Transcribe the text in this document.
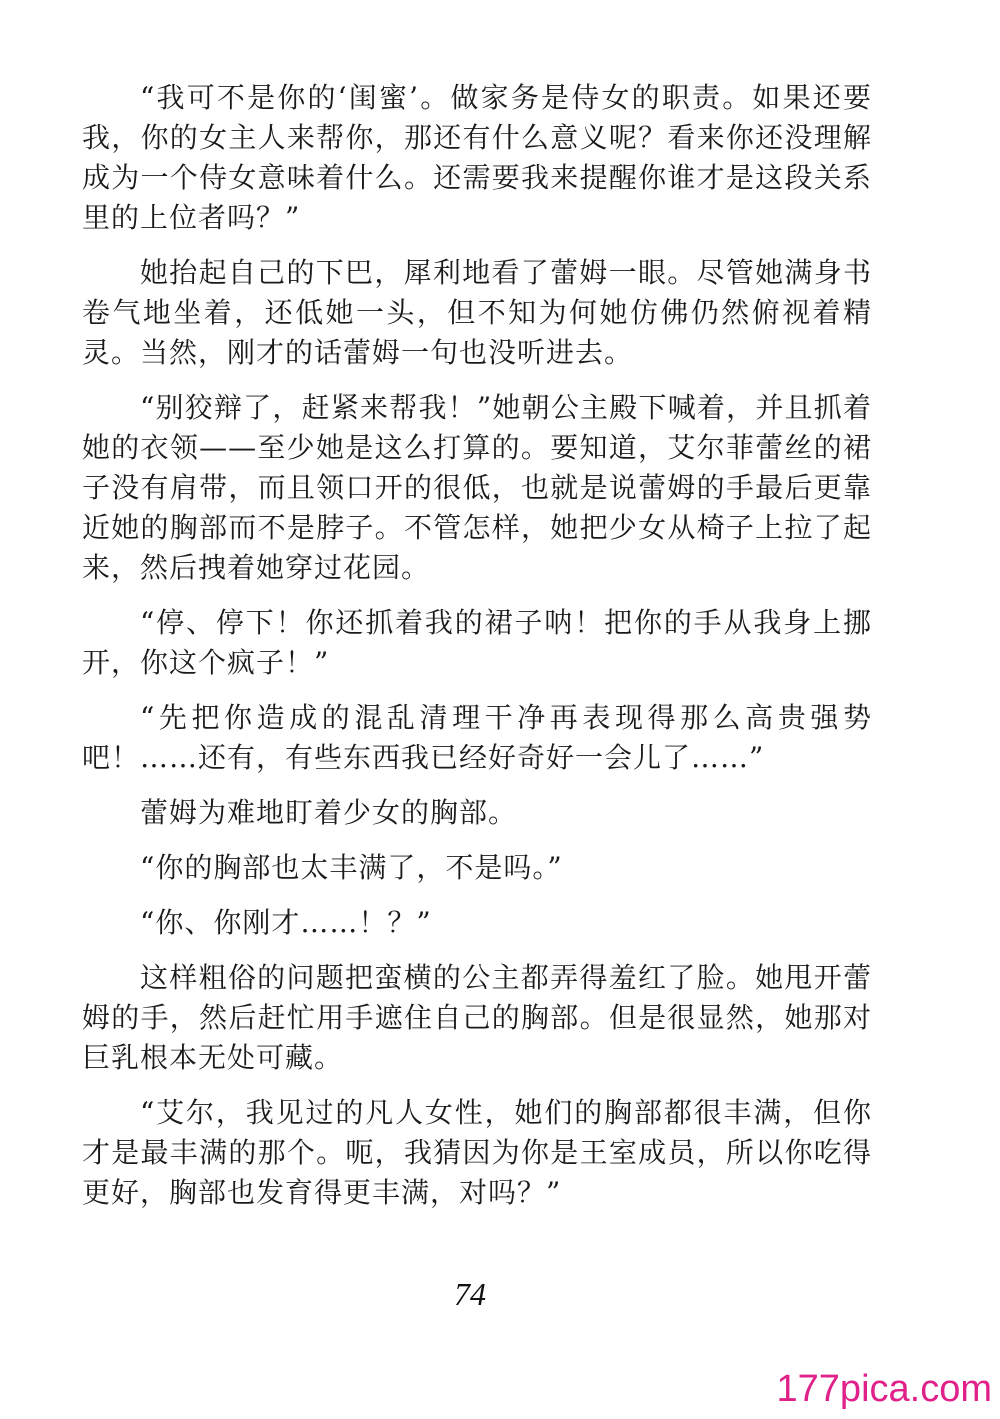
“我可不是你的‘闺蜜’。做家务是侍女的职责。如果还要我，你的女主人来帮你，那还有什么意义呢？看来你还没理解成为一个侍女意味着什么。还需要我来提醒你谁才是这段关系里的上位者吗？”

她抬起自己的下巴，犀利地看了蕾姆一眼。尽管她满身书卷气地坐着，还低她一头，但不知为何她仿佛仍然俯视着精灵。当然，刚才的话蕾姆一句也没听进去。

“别狡辩了，赶紧来帮我！”她朝公主殿下喊着，并且抓着她的衣领——至少她是这么打算的。要知道，艾尔菲蕾丝的裙子没有肩带，而且领口开的很低，也就是说蕾姆的手最后更靠近她的胸部而不是脖子。不管怎样，她把少女从椅子上拉了起来，然后拽着她穿过花园。

“停、停下！你还抓着我的裙子呐！把你的手从我身上挪开，你这个疯子！”

“先把你造成的混乱清理干净再表现得那么高贵强势吧！……还有，有些东西我已经好奇好一会儿了……”

蕾姆为难地盯着少女的胸部。

“你的胸部也太丰满了，不是吗。”

“你、你刚才……！？”

这样粗俗的问题把蛮横的公主都弄得羞红了脸。她甩开蕾姆的手，然后赶忙用手遮住自己的胸部。但是很显然，她那对巨乳根本无处可藏。

“艾尔，我见过的凡人女性，她们的胸部都很丰满，但你才是最丰满的那个。呃，我猜因为你是王室成员，所以你吃得更好，胸部也发育得更丰满，对吗？”

74
177pica.com
